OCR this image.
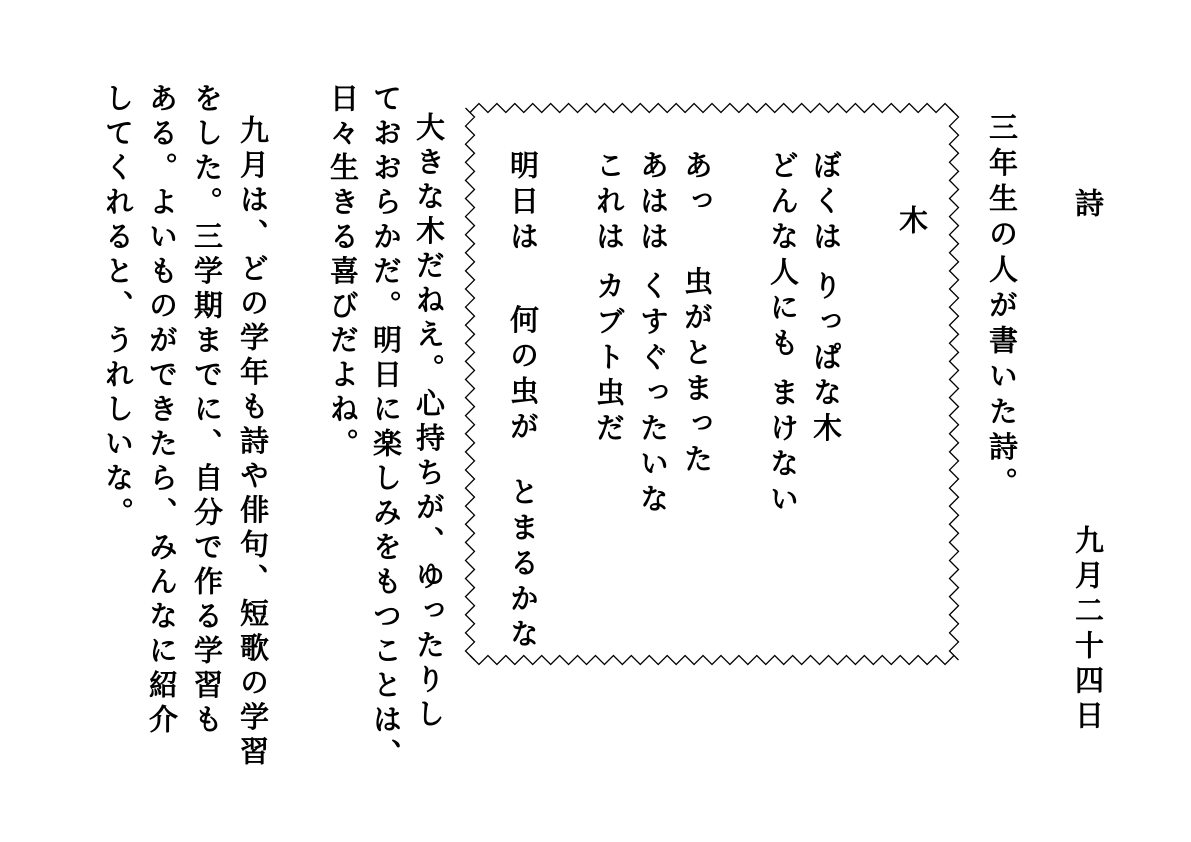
詩
九月二十四日
三年生の人が書いた詩。
木
ぼくはりっぱな木
どんな人にもまけない
あっ虫がとまった
あははくすぐったいな
これはカブト虫だ
明日は何の虫がとまるかな
大きな木だねえ。心持ちが、ゆったりし
ておおらかだ。明日に楽しみをもつことは、
日々生きる喜びだよね。
九月は、どの学年も詩や俳句、短歌の学習
をした。三学期までに、自分で作る学習も
ある。よいものができたら、みんなに紹介
してくれると、うれしいな。
